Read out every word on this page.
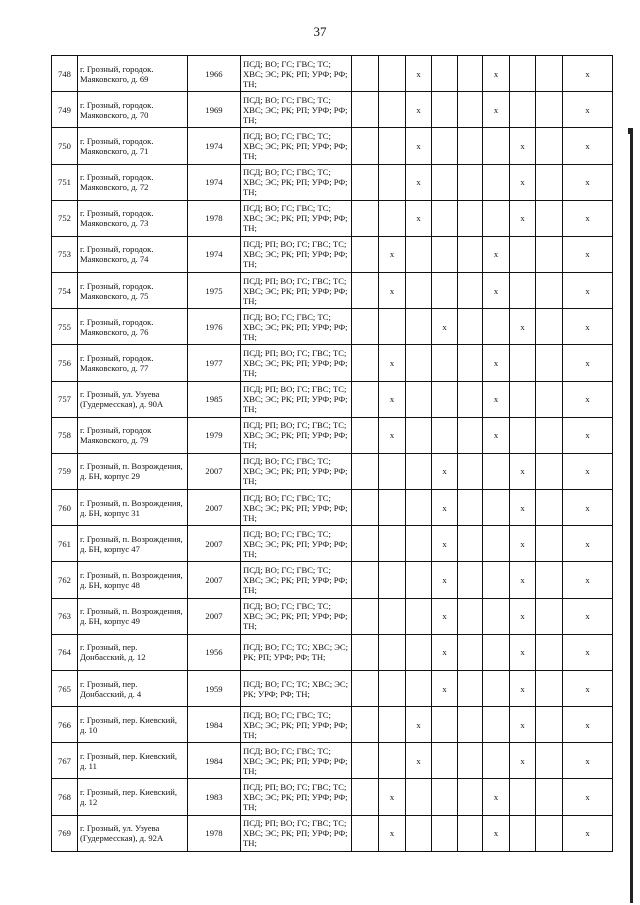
37
748	г. Грозный, городок. Маяковского, д. 69	1966	ПСД; ВО; ГС; ГВС; ТС; ХВС; ЭС; РК; РП; УРФ; РФ; ТН;			x			x			x
749	г. Грозный, городок. Маяковского, д. 70	1969	ПСД; ВО; ГС; ГВС; ТС; ХВС; ЭС; РК; РП; УРФ; РФ; ТН;			x			x			x
750	г. Грозный, городок. Маяковского, д. 71	1974	ПСД; ВО; ГС; ГВС; ТС; ХВС; ЭС; РК; РП; УРФ; РФ; ТН;			x				x		x
751	г. Грозный, городок. Маяковского, д. 72	1974	ПСД; ВО; ГС; ГВС; ТС; ХВС; ЭС; РК; РП; УРФ; РФ; ТН;			x				x		x
752	г. Грозный, городок. Маяковского, д. 73	1978	ПСД; ВО; ГС; ГВС; ТС; ХВС; ЭС; РК; РП; УРФ; РФ; ТН;			x				x		x
753	г. Грозный, городок. Маяковского, д. 74	1974	ПСД; РП; ВО; ГС; ГВС; ТС; ХВС; ЭС; РК; РП; УРФ; РФ; ТН;		x				x			x
754	г. Грозный, городок. Маяковского, д. 75	1975	ПСД; РП; ВО; ГС; ГВС; ТС; ХВС; ЭС; РК; РП; УРФ; РФ; ТН;		x				x			x
755	г. Грозный, городок. Маяковского, д. 76	1976	ПСД; ВО; ГС; ГВС; ТС; ХВС; ЭС; РК; РП; УРФ; РФ; ТН;				x			x		x
756	г. Грозный, городок. Маяковского, д. 77	1977	ПСД; РП; ВО; ГС; ГВС; ТС; ХВС; ЭС; РК; РП; УРФ; РФ; ТН;		x				x			x
757	г. Грозный, ул. Узуева (Гудермесская), д. 90А	1985	ПСД; РП; ВО; ГС; ГВС; ТС; ХВС; ЭС; РК; РП; УРФ; РФ; ТН;		x				x			x
758	г. Грозный, городок Маяковского, д. 79	1979	ПСД; РП; ВО; ГС; ГВС; ТС; ХВС; ЭС; РК; РП; УРФ; РФ; ТН;		x				x			x
759	г. Грозный, п. Возрождения, д. БН, корпус 29	2007	ПСД; ВО; ГС; ГВС; ТС; ХВС; ЭС; РК; РП; УРФ; РФ; ТН;				x			x		x
760	г. Грозный, п. Возрождения, д. БН, корпус 31	2007	ПСД; ВО; ГС; ГВС; ТС; ХВС; ЭС; РК; РП; УРФ; РФ; ТН;				x			x		x
761	г. Грозный, п. Возрождения, д. БН, корпус 47	2007	ПСД; ВО; ГС; ГВС; ТС; ХВС; ЭС; РК; РП; УРФ; РФ; ТН;				x			x		x
762	г. Грозный, п. Возрождения, д. БН, корпус 48	2007	ПСД; ВО; ГС; ГВС; ТС; ХВС; ЭС; РК; РП; УРФ; РФ; ТН;				x			x		x
763	г. Грозный, п. Возрождения, д. БН, корпус 49	2007	ПСД; ВО; ГС; ГВС; ТС; ХВС; ЭС; РК; РП; УРФ; РФ; ТН;				x			x		x
764	г. Грозный, пер. Донбасский, д. 12	1956	ПСД; ВО; ГС; ТС; ХВС; ЭС; РК; РП; УРФ; РФ; ТН;				x			x		x
765	г. Грозный, пер. Донбасский, д. 4	1959	ПСД; ВО; ГС; ТС; ХВС; ЭС; РК; УРФ; РФ; ТН;				x			x		x
766	г. Грозный, пер. Киевский, д. 10	1984	ПСД; ВО; ГС; ГВС; ТС; ХВС; ЭС; РК; РП; УРФ; РФ; ТН;			x				x		x
767	г. Грозный, пер. Киевский, д. 11	1984	ПСД; ВО; ГС; ГВС; ТС; ХВС; ЭС; РК; РП; УРФ; РФ; ТН;			x				x		x
768	г. Грозный, пер. Киевский, д. 12	1983	ПСД; РП; ВО; ГС; ГВС; ТС; ХВС; ЭС; РК; РП; УРФ; РФ; ТН;		x				x			x
769	г. Грозный, ул. Узуева (Гудермесская), д. 92А	1978	ПСД; РП; ВО; ГС; ГВС; ТС; ХВС; ЭС; РК; РП; УРФ; РФ; ТН;		x				x			x
